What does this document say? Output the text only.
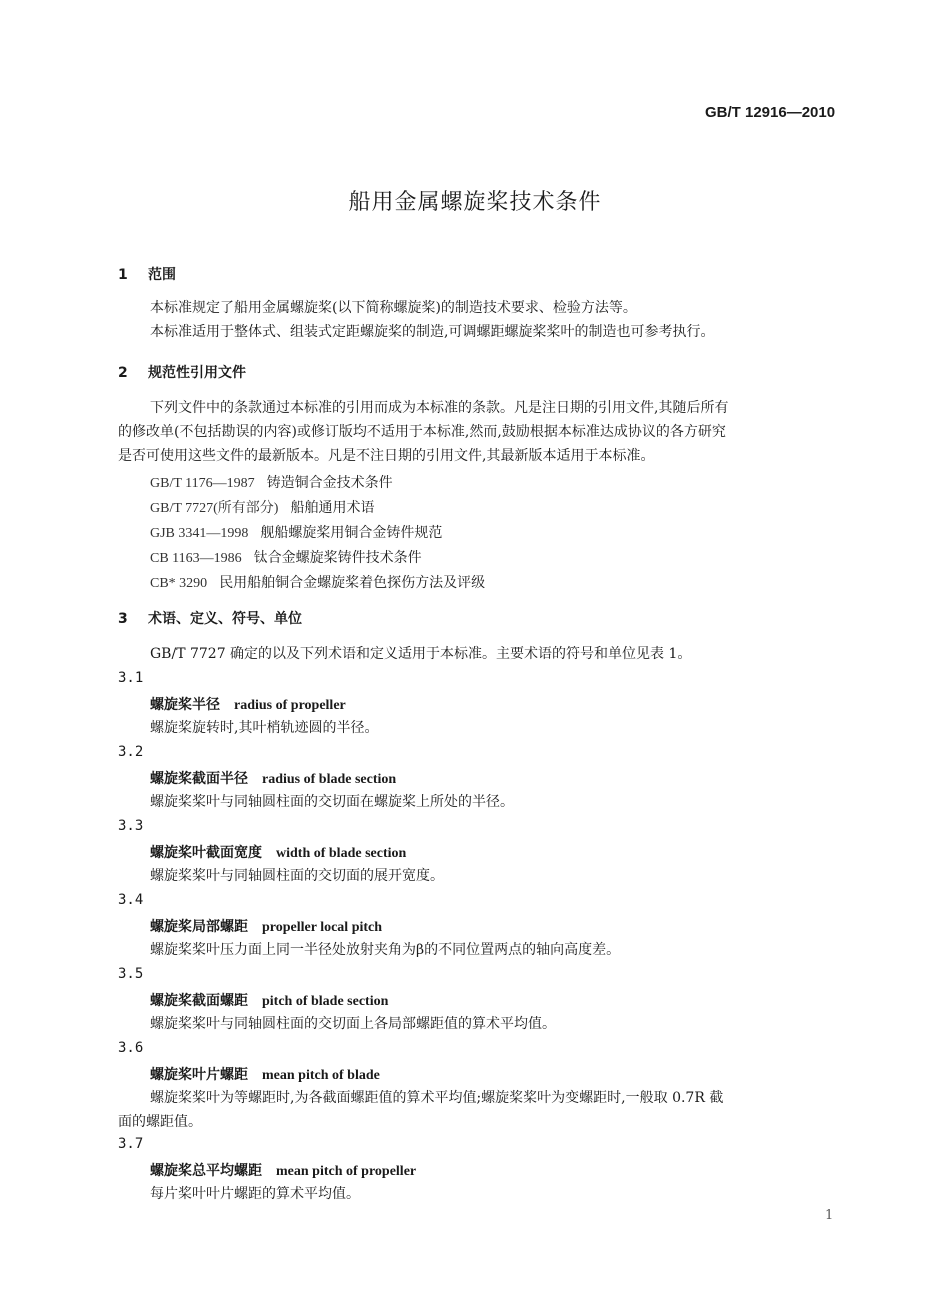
GB/T 12916—2010
船用金属螺旋桨技术条件
1 范围
本标准规定了船用金属螺旋桨(以下简称螺旋桨)的制造技术要求、检验方法等。
本标准适用于整体式、组装式定距螺旋桨的制造,可调螺距螺旋桨桨叶的制造也可参考执行。
2 规范性引用文件
下列文件中的条款通过本标准的引用而成为本标准的条款。凡是注日期的引用文件,其随后所有
的修改单(不包括勘误的内容)或修订版均不适用于本标准,然而,鼓励根据本标准达成协议的各方研究
是否可使用这些文件的最新版本。凡是不注日期的引用文件,其最新版本适用于本标准。
GB/T 1176—1987 铸造铜合金技术条件
GB/T 7727(所有部分) 船舶通用术语
GJB 3341—1998 舰船螺旋桨用铜合金铸件规范
CB 1163—1986 钛合金螺旋桨铸件技术条件
CB* 3290 民用船舶铜合金螺旋桨着色探伤方法及评级
3 术语、定义、符号、单位
GB/T 7727 确定的以及下列术语和定义适用于本标准。主要术语的符号和单位见表 1。
3.1
螺旋桨半径 radius of propeller
螺旋桨旋转时,其叶梢轨迹圆的半径。
3.2
螺旋桨截面半径 radius of blade section
螺旋桨桨叶与同轴圆柱面的交切面在螺旋桨上所处的半径。
3.3
螺旋桨叶截面宽度 width of blade section
螺旋桨桨叶与同轴圆柱面的交切面的展开宽度。
3.4
螺旋桨局部螺距 propeller local pitch
螺旋桨桨叶压力面上同一半径处放射夹角为β的不同位置两点的轴向高度差。
3.5
螺旋桨截面螺距 pitch of blade section
螺旋桨桨叶与同轴圆柱面的交切面上各局部螺距值的算术平均值。
3.6
螺旋桨叶片螺距 mean pitch of blade
螺旋桨桨叶为等螺距时,为各截面螺距值的算术平均值;螺旋桨桨叶为变螺距时,一般取 0.7R 截
面的螺距值。
3.7
螺旋桨总平均螺距 mean pitch of propeller
每片桨叶叶片螺距的算术平均值。
1
